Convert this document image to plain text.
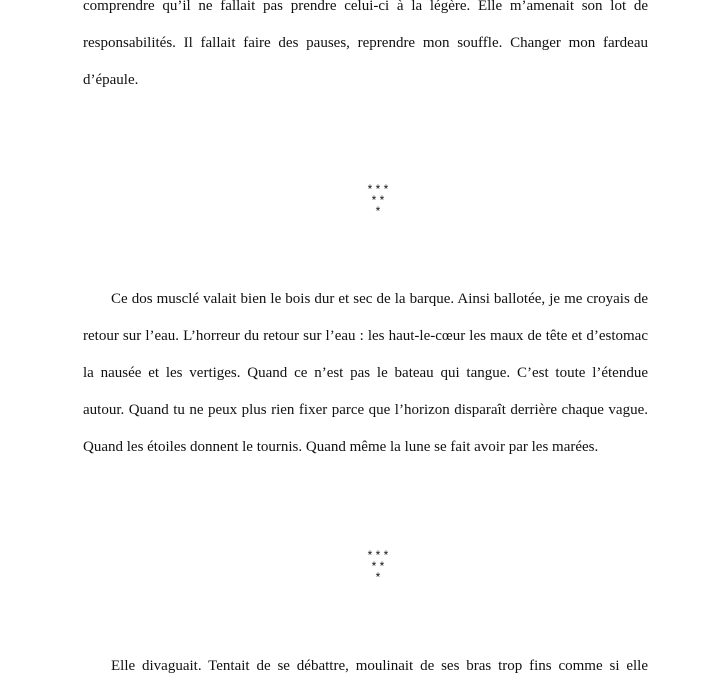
comprendre qu’il ne fallait pas prendre celui-ci à la légère. Elle m’amenait son lot de
responsabilités. Il fallait faire des pauses, reprendre mon souffle. Changer mon fardeau
d’épaule.
* * *
* *
*
Ce dos musclé valait bien le bois dur et sec de la barque. Ainsi ballotée, je me croyais de
retour sur l’eau. L’horreur du retour sur l’eau : les haut-le-cœur les maux de tête et d’estomac
la nausée et les vertiges. Quand ce n’est pas le bateau qui tangue. C’est toute l’étendue
autour. Quand tu ne peux plus rien fixer parce que l’horizon disparaît derrière chaque vague.
Quand les étoiles donnent le tournis. Quand même la lune se fait avoir par les marées.
* * *
* *
*
Elle divaguait. Tentait de se débattre, moulinait de ses bras trop fins comme si elle
